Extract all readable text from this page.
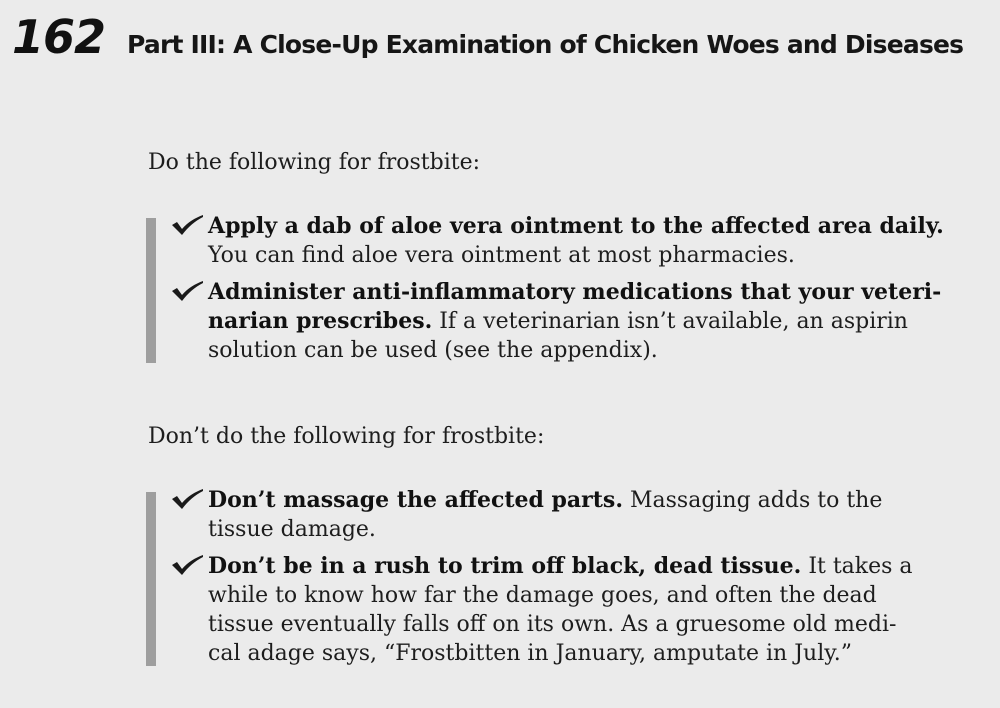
162 Part III: A Close-Up Examination of Chicken Woes and Diseases
Do the following for frostbite:
Apply a dab of aloe vera ointment to the affected area daily.
You can find aloe vera ointment at most pharmacies.
Administer anti-inflammatory medications that your veteri-
narian prescribes. If a veterinarian isn’t available, an aspirin
solution can be used (see the appendix).
Don’t do the following for frostbite:
Don’t massage the affected parts. Massaging adds to the
tissue damage.
Don’t be in a rush to trim off black, dead tissue. It takes a
while to know how far the damage goes, and often the dead
tissue eventually falls off on its own. As a gruesome old medi-
cal adage says, “Frostbitten in January, amputate in July.”
